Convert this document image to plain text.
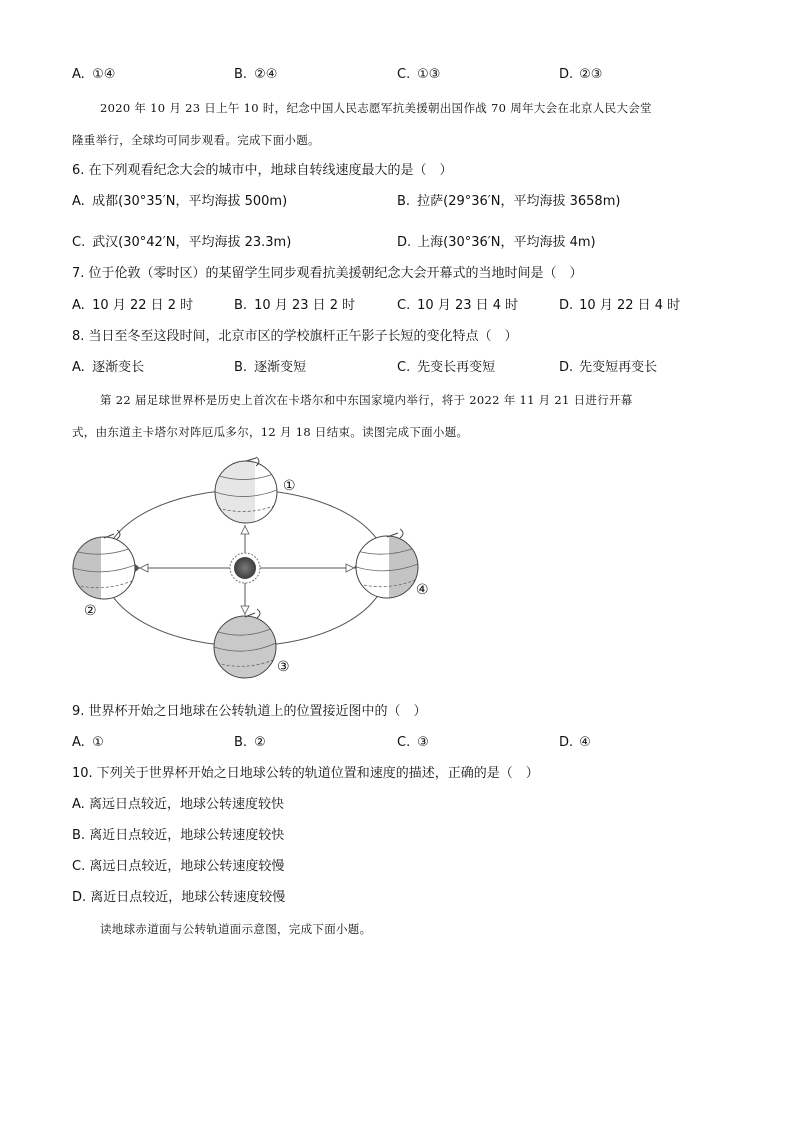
A. ①④	B. ②④	C. ①③	D. ②③
2020 年 10 月 23 日上午 10 时，纪念中国人民志愿军抗美援朝出国作战 70 周年大会在北京人民大会堂
隆重举行，全球均可同步观看。完成下面小题。
6. 在下列观看纪念大会的城市中，地球自转线速度最大的是（　）
A. 成都(30°35′N，平均海拔 500m)	B. 拉萨(29°36′N，平均海拔 3658m)
C. 武汉(30°42′N，平均海拔 23.3m)	D. 上海(30°36′N，平均海拔 4m)
7. 位于伦敦（零时区）的某留学生同步观看抗美援朝纪念大会开幕式的当地时间是（　）
A. 10 月 22 日 2 时	B. 10 月 23 日 2 时	C. 10 月 23 日 4 时	D. 10 月 22 日 4 时
8. 当日至冬至这段时间，北京市区的学校旗杆正午影子长短的变化特点（　）
A. 逐渐变长	B. 逐渐变短	C. 先变长再变短	D. 先变短再变长
第 22 届足球世界杯是历史上首次在卡塔尔和中东国家境内举行，将于 2022 年 11 月 21 日进行开幕
式，由东道主卡塔尔对阵厄瓜多尔，12 月 18 日结束。读图完成下面小题。
①
②
③
④
9. 世界杯开始之日地球在公转轨道上的位置接近图中的（　）
A. ①	B. ②	C. ③	D. ④
10. 下列关于世界杯开始之日地球公转的轨道位置和速度的描述，正确的是（　）
A. 离远日点较近，地球公转速度较快
B. 离近日点较近，地球公转速度较快
C. 离远日点较近，地球公转速度较慢
D. 离近日点较近，地球公转速度较慢
读地球赤道面与公转轨道面示意图，完成下面小题。
